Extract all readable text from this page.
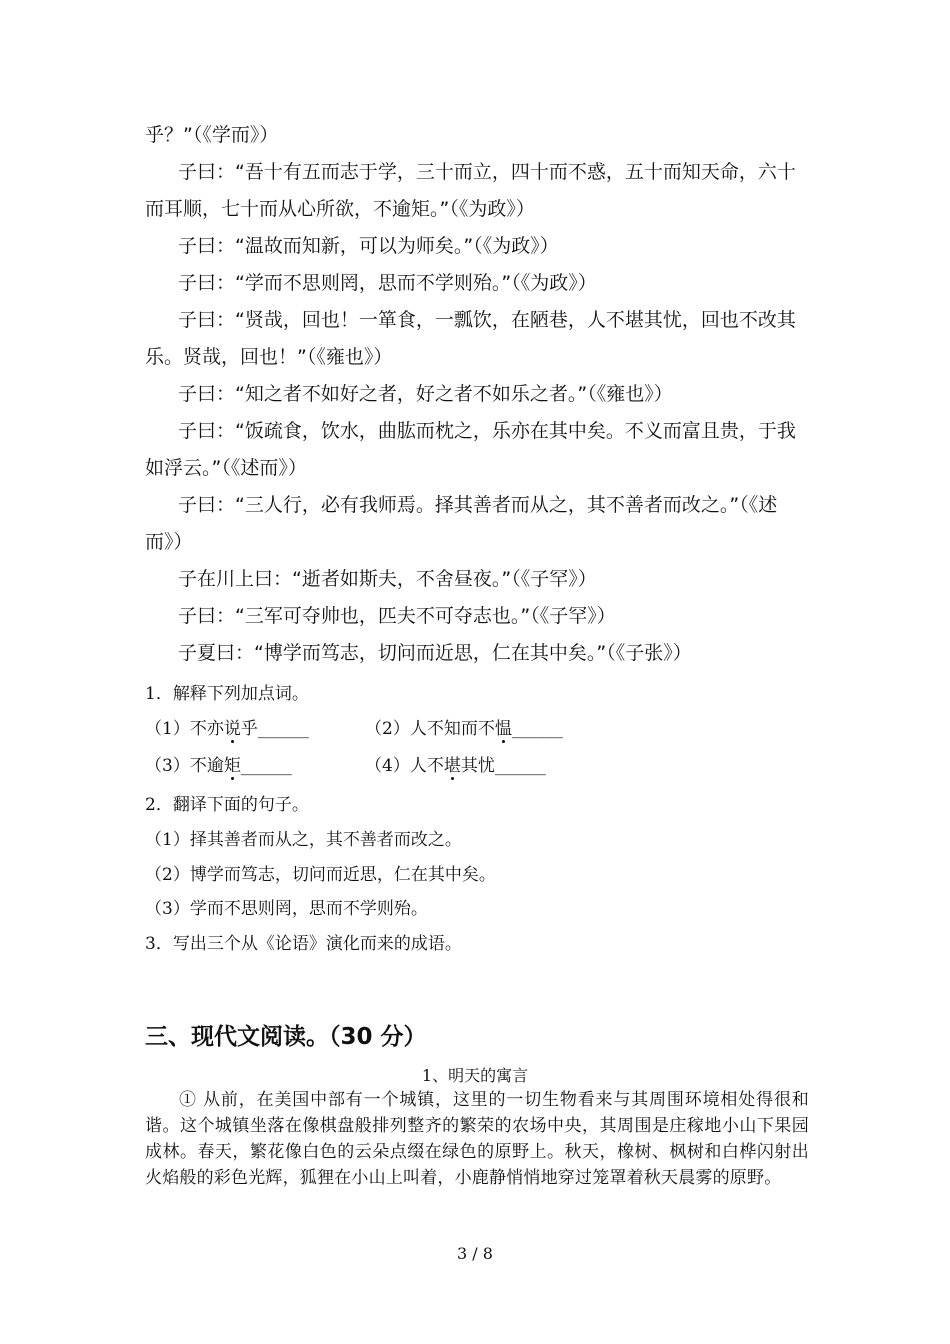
乎？”（《学而》）
子曰：“吾十有五而志于学，三十而立，四十而不惑，五十而知天命，六十
而耳顺，七十而从心所欲，不逾矩。”（《为政》）
子曰：“温故而知新，可以为师矣。”（《为政》）
子曰：“学而不思则罔，思而不学则殆。”（《为政》）
子曰：“贤哉，回也！一箪食，一瓢饮，在陋巷，人不堪其忧，回也不改其
乐。贤哉，回也！”（《雍也》）
子曰：“知之者不如好之者，好之者不如乐之者。”（《雍也》）
子曰：“饭疏食，饮水，曲肱而枕之，乐亦在其中矣。不义而富且贵，于我
如浮云。”（《述而》）
子曰：“三人行，必有我师焉。择其善者而从之，其不善者而改之。”（《述
而》）
子在川上曰：“逝者如斯夫，不舍昼夜。”（《子罕》）
子曰：“三军可夺帅也，匹夫不可夺志也。”（《子罕》）
子夏曰：“博学而笃志，切问而近思，仁在其中矣。”（《子张》）
1．解释下列加点词。
（1）不亦说乎______	（2）人不知而不愠______
（3）不逾矩______	（4）人不堪其忧______
2．翻译下面的句子。
（1）择其善者而从之，其不善者而改之。
（2）博学而笃志，切问而近思，仁在其中矣。
（3）学而不思则罔，思而不学则殆。
3．写出三个从《论语》演化而来的成语。
三、现代文阅读。（30 分）
1、明天的寓言
① 从前，在美国中部有一个城镇，这里的一切生物看来与其周围环境相处得很和谐。这个城镇坐落在像棋盘般排列整齐的繁荣的农场中央，其周围是庄稼地小山下果园成林。春天，繁花像白色的云朵点缀在绿色的原野上。秋天，橡树、枫树和白桦闪射出火焰般的彩色光辉，狐狸在小山上叫着，小鹿静悄悄地穿过笼罩着秋天晨雾的原野。
3 / 8
